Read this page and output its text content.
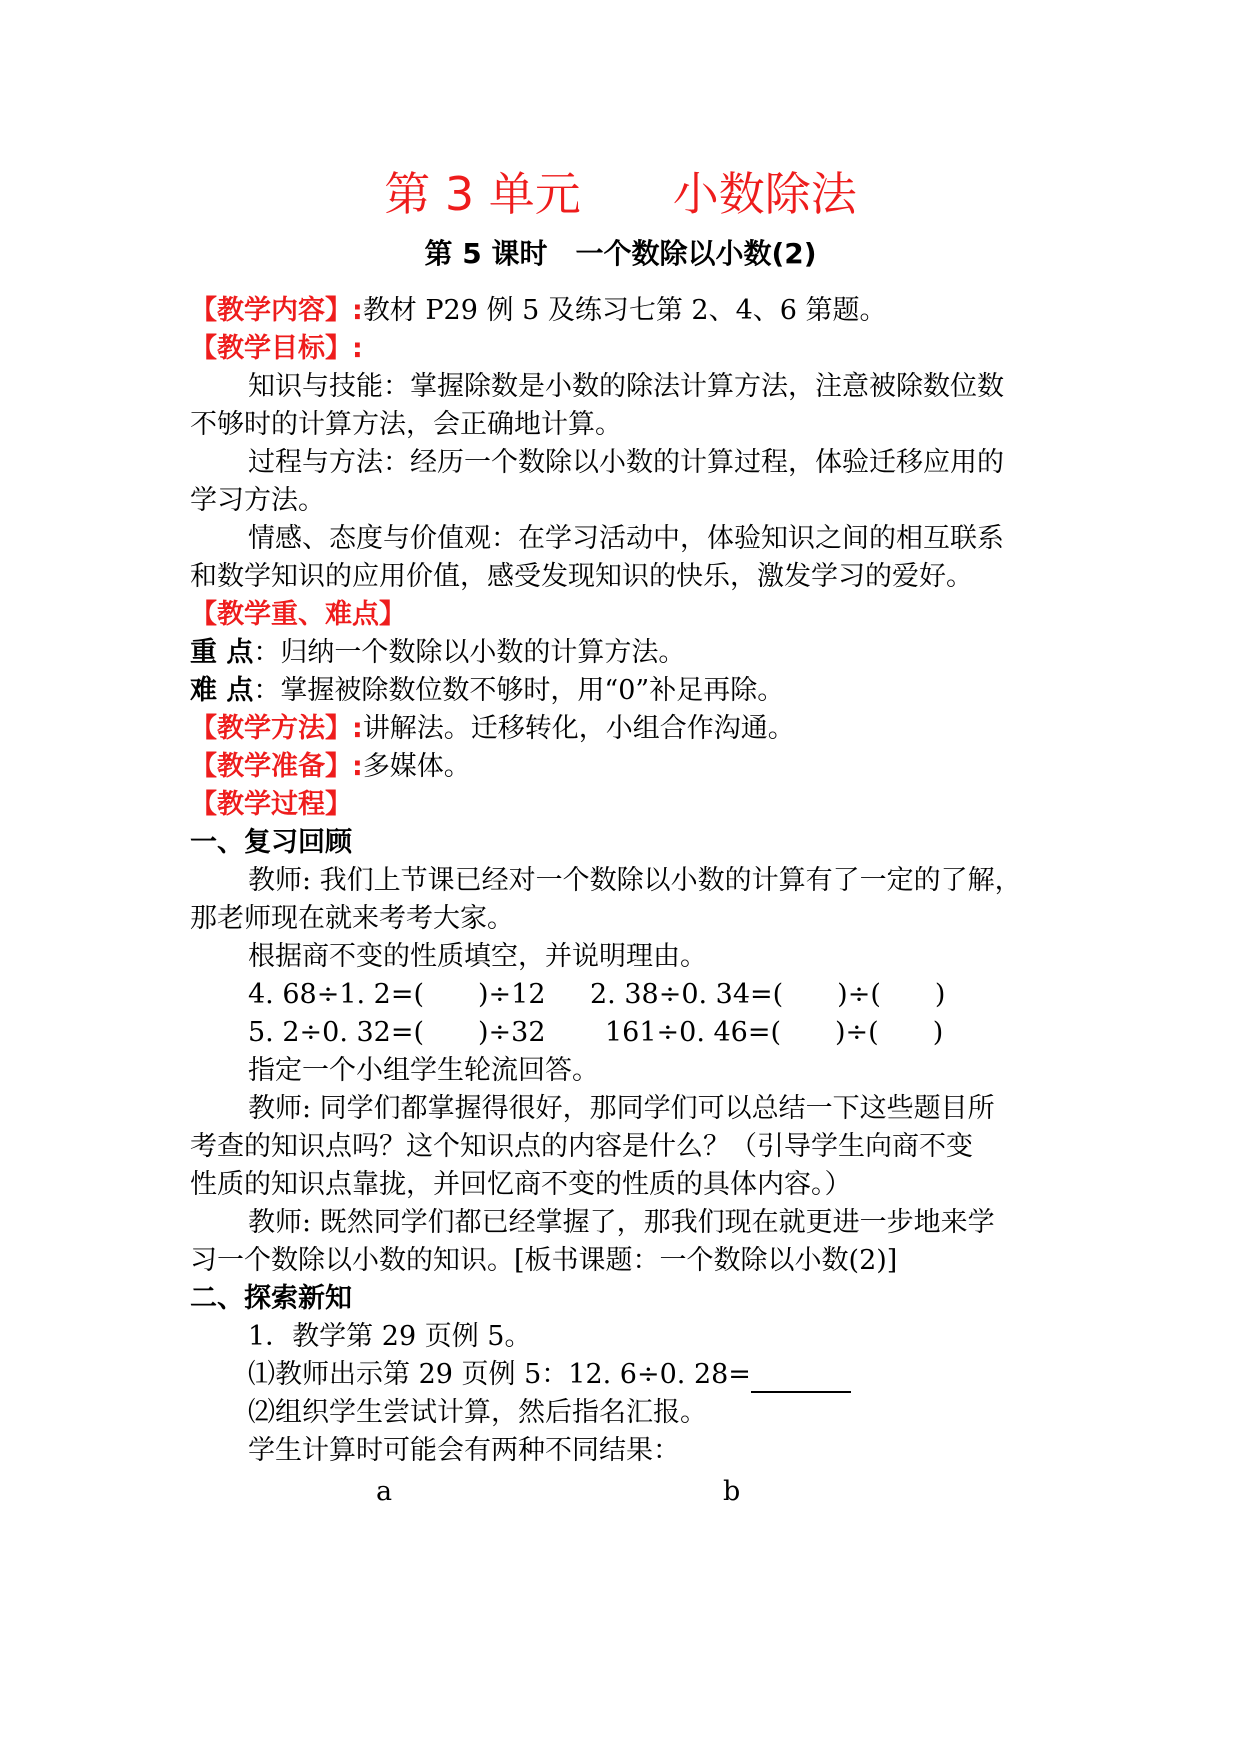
第 3 单元　　小数除法
第 5 课时　一个数除以小数(2)
【教学内容】:教材 P29 例 5 及练习七第 2、4、6 第题。
【教学目标】:
知识与技能：掌握除数是小数的除法计算方法，注意被除数位数
不够时的计算方法，会正确地计算。
过程与方法：经历一个数除以小数的计算过程，体验迁移应用的
学习方法。
情感、态度与价值观：在学习活动中，体验知识之间的相互联系
和数学知识的应用价值，感受发现知识的快乐，激发学习的爱好。
【教学重、难点】
重 点：归纳一个数除以小数的计算方法。
难 点：掌握被除数位数不够时，用“0”补足再除。
【教学方法】:讲解法。迁移转化，小组合作沟通。
【教学准备】:多媒体。
【教学过程】
一、复习回顾
教师: 我们上节课已经对一个数除以小数的计算有了一定的了解，
那老师现在就来考考大家。
根据商不变的性质填空，并说明理由。
4. 68÷1. 2=(　　)÷12 2. 38÷0. 34=(　　)÷(　　)
5. 2÷0. 32=(　　)÷32 161÷0. 46=(　　)÷(　　)
指定一个小组学生轮流回答。
教师: 同学们都掌握得很好，那同学们可以总结一下这些题目所
考查的知识点吗？这个知识点的内容是什么？（引导学生向商不变
性质的知识点靠拢，并回忆商不变的性质的具体内容。）
教师: 既然同学们都已经掌握了，那我们现在就更进一步地来学
习一个数除以小数的知识。[板书课题：一个数除以小数(2)]
二、探索新知
1．教学第 29 页例 5。
⑴教师出示第 29 页例 5：12. 6÷0. 28=
⑵组织学生尝试计算，然后指名汇报。
学生计算时可能会有两种不同结果：
a	b
